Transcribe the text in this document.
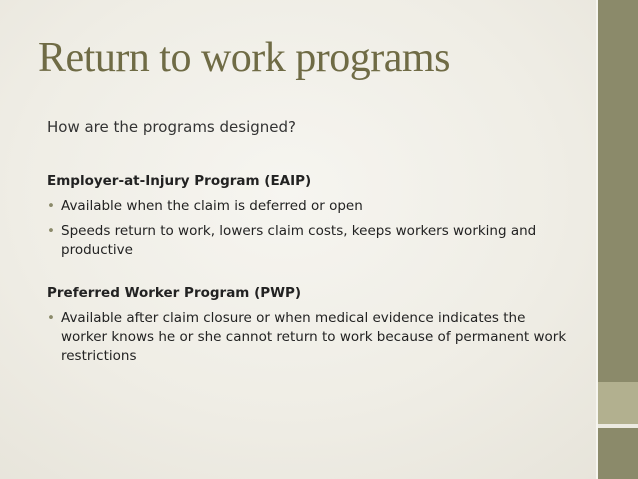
Return to work programs

How are the programs designed?

Employer-at-Injury Program (EAIP)

• Available when the claim is deferred or open
• Speeds return to work, lowers claim costs, keeps workers working and productive

Preferred Worker Program (PWP)

• Available after claim closure or when medical evidence indicates the worker knows he or she cannot return to work because of permanent work restrictions
